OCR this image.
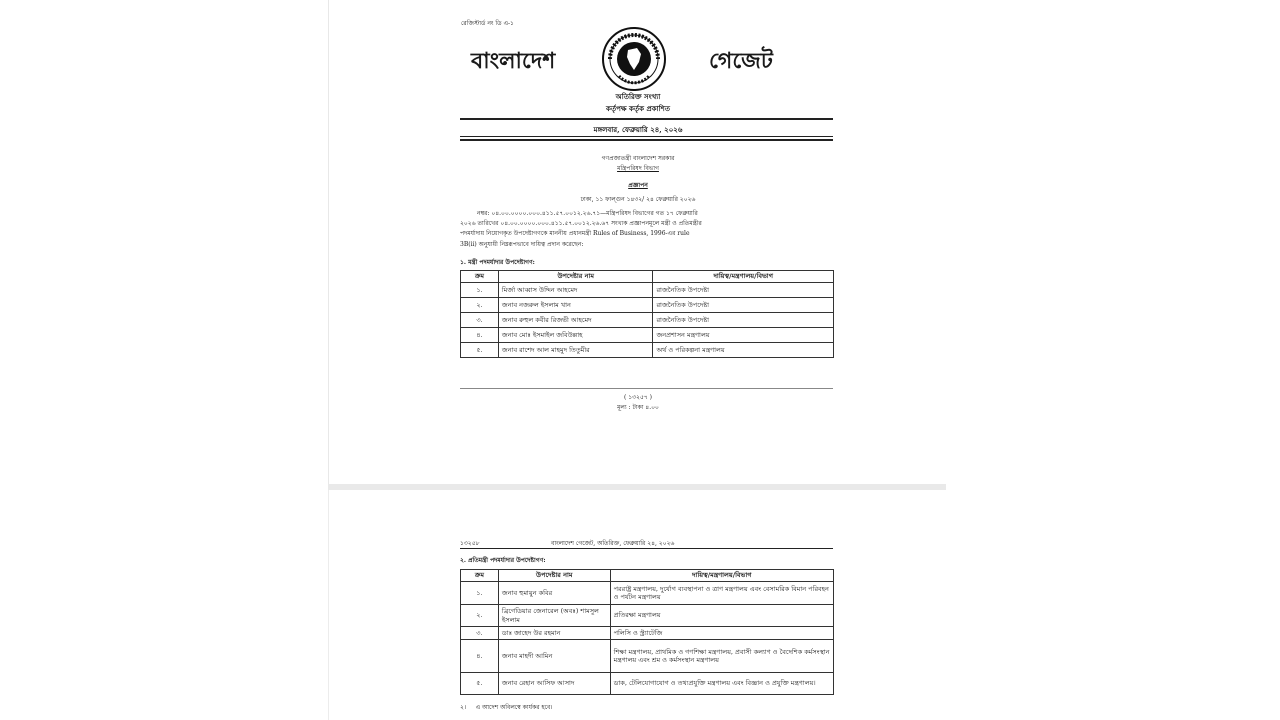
রেজিস্টার্ড নং ডি এ-১
বাংলাদেশ	গেজেট
অতিরিক্ত সংখ্যা
কর্তৃপক্ষ কর্তৃক প্রকাশিত
মঙ্গলবার, ফেব্রুয়ারি ২৪, ২০২৬
গণপ্রজাতন্ত্রী বাংলাদেশ সরকার
মন্ত্রিপরিষদ বিভাগ
প্রজ্ঞাপন
ঢাকা, ১১ ফাল্গুন ১৪৩২/ ২৪ ফেব্রুয়ারি ২০২৬
নম্বর: ০৪.০০.০০০০.০০০.৪১১.৫৭.০০১২.২৬.৭১—মন্ত্রিপরিষদ বিভাগের গত ১৭ ফেব্রুয়ারি
২০২৬ তারিখের ০৪.০০.০০০০.০০০.৪১১.৫৭.০০১২.২৬.৬৭ সংখ্যক প্রজ্ঞাপনমূলে মন্ত্রী ও প্রতিমন্ত্রীর
পদমর্যাদায় নিয়োগকৃত উপদেষ্টাগণকে মাননীয় প্রধানমন্ত্রী Rules of Business, 1996-এর rule
3B(ii) অনুযায়ী নিম্নরূপভাবে দায়িত্ব প্রদান করেছেন:
১. মন্ত্রী পদমর্যাদার উপদেষ্টাগণ:
ক্রম	উপদেষ্টার নাম	দায়িত্ব/মন্ত্রণালয়/বিভাগ
১.	মির্জা আব্বাস উদ্দিন আহমেদ	রাজনৈতিক উপদেষ্টা
২.	জনাব নজরুল ইসলাম খান	রাজনৈতিক উপদেষ্টা
৩.	জনাব রুহুল কবীর রিজভী আহমেদ	রাজনৈতিক উপদেষ্টা
৪.	জনাব মোঃ ইসমাইল জবিউল্লাহ	জনপ্রশাসন মন্ত্রণালয়
৫.	জনাব রাশেদ আল মাহমুদ তিতুমীর	অর্থ ও পরিকল্পনা মন্ত্রণালয়
( ১৩২৫৭ )
মূল্য : টাকা ৪.০০
১৩২৫৮	বাংলাদেশ গেজেট, অতিরিক্ত, ফেব্রুয়ারি ২৪, ২০২৬
২. প্রতিমন্ত্রী পদমর্যাদার উপদেষ্টাগণ:
ক্রম	উপদেষ্টার নাম	দায়িত্ব/মন্ত্রণালয়/বিভাগ
১.	জনাব হুমায়ুন কবির	পররাষ্ট্র মন্ত্রণালয়, দুর্যোগ ব্যবস্থাপনা ও ত্রাণ মন্ত্রণালয় এবং বেসামরিক বিমান পরিবহন ও পর্যটন মন্ত্রণালয়
২.	ব্রিগেডিয়ার জেনারেল (অবঃ) শামসুল ইসলাম	প্রতিরক্ষা মন্ত্রণালয়
৩.	ডাঃ জাহেদ উর রহমান	পলিসি ও স্ট্র্যাটেজি
৪.	জনাব মাহদী আমিন	শিক্ষা মন্ত্রণালয়, প্রাথমিক ও গণশিক্ষা মন্ত্রণালয়, প্রবাসী কল্যাণ ও বৈদেশিক কর্মসংস্থান মন্ত্রণালয় এবং শ্রম ও কর্মসংস্থান মন্ত্রণালয়
৫.	জনাব রেহান আসিফ আসাদ	ডাক, টেলিযোগাযোগ ও তথ্যপ্রযুক্তি মন্ত্রণালয় এবং বিজ্ঞান ও প্রযুক্তি মন্ত্রণালয়।
২।     এ আদেশ অবিলম্বে কার্যকর হবে।
